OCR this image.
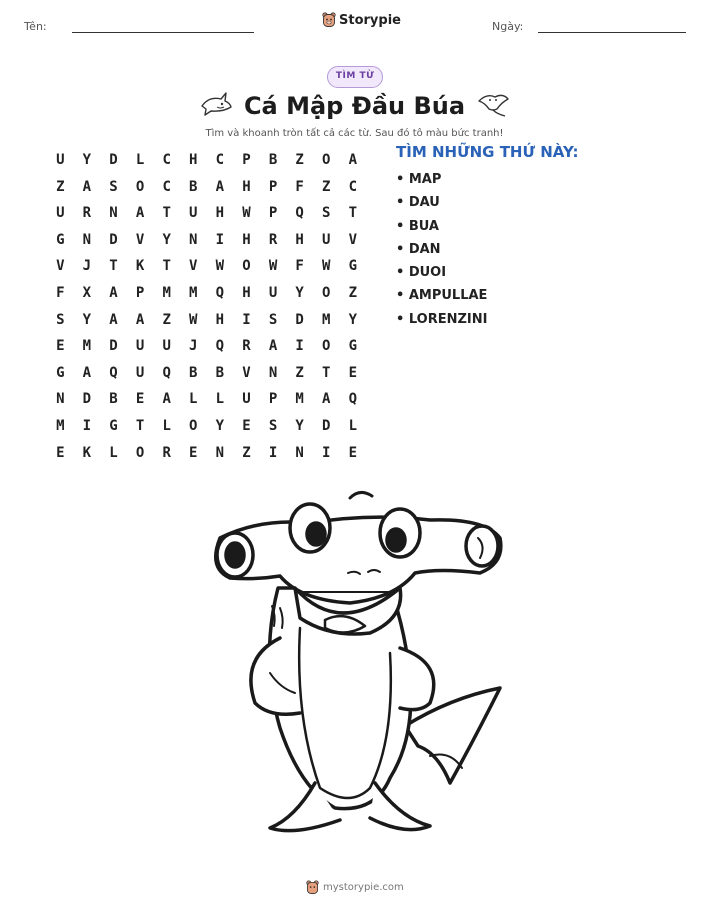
Tên:	Storypie	Ngày:
TÌM TỪ
Cá Mập Đầu Búa
Tìm và khoanh tròn tất cả các từ. Sau đó tô màu bức tranh!
U	Y	D	L	C	H	C	P	B	Z	O	A
Z	A	S	O	C	B	A	H	P	F	Z	C
U	R	N	A	T	U	H	W	P	Q	S	T
G	N	D	V	Y	N	I	H	R	H	U	V
V	J	T	K	T	V	W	O	W	F	W	G
F	X	A	P	M	M	Q	H	U	Y	O	Z
S	Y	A	A	Z	W	H	I	S	D	M	Y
E	M	D	U	U	J	Q	R	A	I	O	G
G	A	Q	U	Q	B	B	V	N	Z	T	E
N	D	B	E	A	L	L	U	P	M	A	Q
M	I	G	T	L	O	Y	E	S	Y	D	L
E	K	L	O	R	E	N	Z	I	N	I	E
TÌM NHỮNG THỨ NÀY:
• MAP
• DAU
• BUA
• DAN
• DUOI
• AMPULLAE
• LORENZINI
mystorypie.com
